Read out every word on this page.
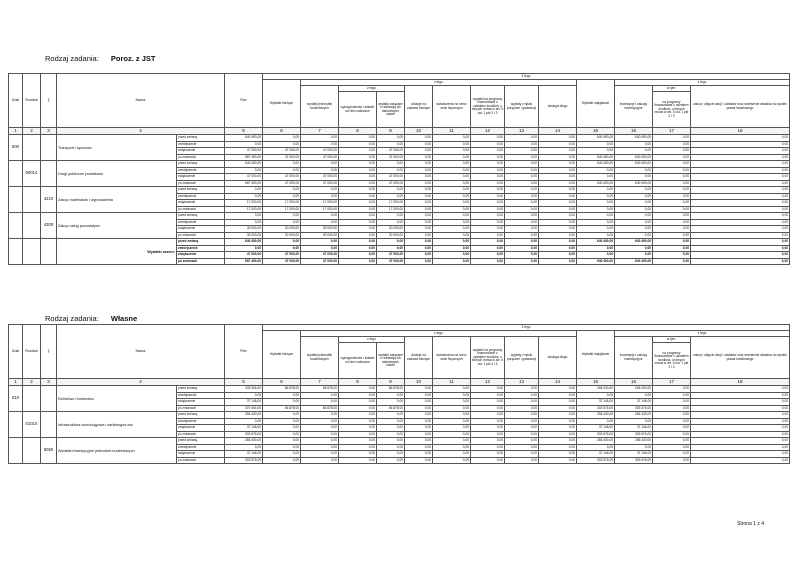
Rodzaj zadania: Poroz. z JST
Dział	Rozdział	§	Nazwa		Plan	Z tego												
						Wydatki bieżące	z tego								Wydatki majątkowe	z tego		
							wydatki jednostek budżetowych	z tego		dotacje na zadania bieżące	świadczenia na rzecz osób fizycznych	wydatki na programy finansowane z udziałem środków, o których mowa w art. 5 ust. 1 pkt 2 i 3	wypłaty z tytułu poręczeń i gwarancji	obsługa długu		inwestycje i zakupy inwestycyjne	w tym:	zakup i objęcie akcji i udziałów oraz wniesienie wkładów do spółek prawa handlowego
								wynagrodzenia i składki od nich naliczane	wydatki związane z realizacją ich statutowych zadań								na programy finansowane z udziałem środków, o których mowa w art. 5 ust. 1 pkt 2 i 3	
1	2	3	4		5	6	7	8	9	10	11	12	13	14	15	16	17	18
600			Transport i łączność	przed zmianą	640 490,00	0,00	0,00	0,00	0,00	0,00	0,00	0,00	0,00	0,00	640 490,00	640 490,00	0,00	0,00
				zmniejszenie	0,00	0,00	0,00	0,00	0,00	0,00	0,00	0,00	0,00	0,00	0,00	0,00	0,00	0,00
				zwiększenie	47 000,00	47 000,00	47 000,00	0,00	47 000,00	0,00	0,00	0,00	0,00	0,00	0,00	0,00	0,00	0,00
				po zmianach	687 490,00	47 000,00	47 000,00	0,00	47 000,00	0,00	0,00	0,00	0,00	0,00	640 490,00	640 490,00	0,00	0,00
	60014		Drogi publiczne powiatowe	przed zmianą	640 490,00	0,00	0,00	0,00	0,00	0,00	0,00	0,00	0,00	0,00	640 490,00	640 490,00	0,00	0,00
				zmniejszenie	0,00	0,00	0,00	0,00	0,00	0,00	0,00	0,00	0,00	0,00	0,00	0,00	0,00	0,00
				zwiększenie	47 000,00	47 000,00	47 000,00	0,00	47 000,00	0,00	0,00	0,00	0,00	0,00	0,00	0,00	0,00	0,00
				po zmianach	687 490,00	47 000,00	47 000,00	0,00	47 000,00	0,00	0,00	0,00	0,00	0,00	640 490,00	640 490,00	0,00	0,00
		4210	Zakup materiałów i wyposażenia	przed zmianą	0,00	0,00	0,00	0,00	0,00	0,00	0,00	0,00	0,00	0,00	0,00	0,00	0,00	0,00
				zmniejszenie	0,00	0,00	0,00	0,00	0,00	0,00	0,00	0,00	0,00	0,00	0,00	0,00	0,00	0,00
				zwiększenie	17 000,00	17 000,00	17 000,00	0,00	17 000,00	0,00	0,00	0,00	0,00	0,00	0,00	0,00	0,00	0,00
				po zmianach	17 000,00	17 000,00	17 000,00	0,00	17 000,00	0,00	0,00	0,00	0,00	0,00	0,00	0,00	0,00	0,00
		4300	Zakup usług pozostałych	przed zmianą	0,00	0,00	0,00	0,00	0,00	0,00	0,00	0,00	0,00	0,00	0,00	0,00	0,00	0,00
				zmniejszenie	0,00	0,00	0,00	0,00	0,00	0,00	0,00	0,00	0,00	0,00	0,00	0,00	0,00	0,00
				zwiększenie	30 000,00	30 000,00	30 000,00	0,00	30 000,00	0,00	0,00	0,00	0,00	0,00	0,00	0,00	0,00	0,00
				po zmianach	30 000,00	30 000,00	30 000,00	0,00	30 000,00	0,00	0,00	0,00	0,00	0,00	0,00	0,00	0,00	0,00
			Wydatki razem:	przed zmianą	640 490,00	0,00	0,00	0,00	0,00	0,00	0,00	0,00	0,00	0,00	640 490,00	640 490,00	0,00	0,00
				zmniejszenie	0,00	0,00	0,00	0,00	0,00	0,00	0,00	0,00	0,00	0,00	0,00	0,00	0,00	0,00
				zwiększenie	47 000,00	47 000,00	47 000,00	0,00	47 000,00	0,00	0,00	0,00	0,00	0,00	0,00	0,00	0,00	0,00
				po zmianach	687 490,00	47 000,00	47 000,00	0,00	47 000,00	0,00	0,00	0,00	0,00	0,00	640 490,00	640 490,00	0,00	0,00
Rodzaj zadania: Własne
Dział	Rozdział	§	Nazwa		Plan	Z tego												
						Wydatki bieżące	z tego								Wydatki majątkowe	z tego		
							wydatki jednostek budżetowych	z tego		dotacje na zadania bieżące	świadczenia na rzecz osób fizycznych	wydatki na programy finansowane z udziałem środków, o których mowa w art. 5 ust. 1 pkt 2 i 3	wypłaty z tytułu poręczeń i gwarancji	obsługa długu		inwestycje i zakupy inwestycyjne	w tym:	zakup i objęcie akcji i udziałów oraz wniesienie wkładów do spółek prawa handlowego
								wynagrodzenia i składki od nich naliczane	wydatki związane z realizacją ich statutowych zadań								na programy finansowane z udziałem środków, o których mowa w art. 5 ust. 1 pkt 2 i 3	
1	2	3	4		5	6	7	8	9	10	11	12	13	14	15	16	17	18
010			Rolnictwo i łowiectwo	przed zmianą	333 306,00	66 878,00	66 878,00	0,00	66 878,00	0,00	0,00	0,00	0,00	0,00	266 430,00	266 430,00	0,00	0,00
				zmniejszenie	0,00	0,00	0,00	0,00	0,00	0,00	0,00	0,00	0,00	0,00	0,00	0,00	0,00	0,00
				zwiększenie	37 146,00	0,00	0,00	0,00	0,00	0,00	0,00	0,00	0,00	0,00	37 146,00	37 146,00	0,00	0,00
				po zmianach	370 454,00	66 878,00	66 878,00	0,00	66 878,00	0,00	0,00	0,00	0,00	0,00	303 576,00	303 576,00	0,00	0,00
	01010		Infrastruktura wodociągowa i sanitacyjna wsi	przed zmianą	266 430,00	0,00	0,00	0,00	0,00	0,00	0,00	0,00	0,00	0,00	266 430,00	266 430,00	0,00	0,00
				zmniejszenie	0,00	0,00	0,00	0,00	0,00	0,00	0,00	0,00	0,00	0,00	0,00	0,00	0,00	0,00
				zwiększenie	37 146,00	0,00	0,00	0,00	0,00	0,00	0,00	0,00	0,00	0,00	37 146,00	37 146,00	0,00	0,00
				po zmianach	303 576,00	0,00	0,00	0,00	0,00	0,00	0,00	0,00	0,00	0,00	303 576,00	303 576,00	0,00	0,00
		6050	Wydatki inwestycyjne jednostek budżetowych	przed zmianą	266 430,00	0,00	0,00	0,00	0,00	0,00	0,00	0,00	0,00	0,00	266 430,00	266 430,00	0,00	0,00
				zmniejszenie	0,00	0,00	0,00	0,00	0,00	0,00	0,00	0,00	0,00	0,00	0,00	0,00	0,00	0,00
				zwiększenie	37 146,00	0,00	0,00	0,00	0,00	0,00	0,00	0,00	0,00	0,00	37 146,00	37 146,00	0,00	0,00
				po zmianach	303 576,00	0,00	0,00	0,00	0,00	0,00	0,00	0,00	0,00	0,00	303 576,00	303 576,00	0,00	0,00
Strona 1 z 4
